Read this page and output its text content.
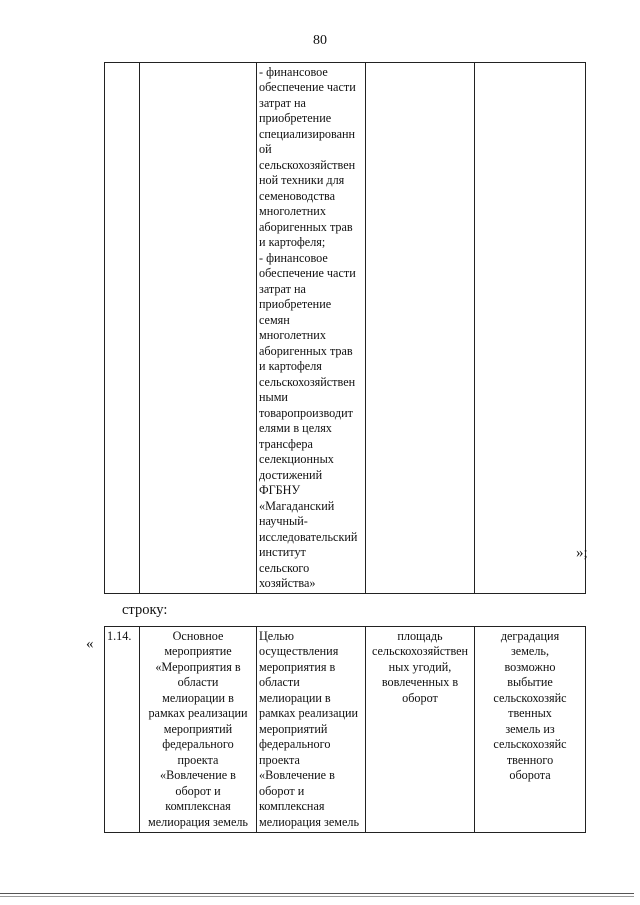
80
		- финансовое
обеспечение части
затрат на
приобретение
специализированн
ой
сельскохозяйствен
ной техники для
семеноводства
многолетних
аборигенных трав
и картофеля;
- финансовое
обеспечение части
затрат на
приобретение
семян
многолетних
аборигенных трав
и картофеля
сельскохозяйствен
ными
товаропроизводит
елями в целях
трансфера
селекционных
достижений
ФГБНУ
«Магаданский
научный-
исследовательский
институт
сельского
хозяйства»		
»;
строку:
« 1.14.	Основное
мероприятие
«Мероприятия в
области
мелиорации в
рамках реализации
мероприятий
федерального
проекта
«Вовлечение в
оборот и
комплексная
мелиорация земель	Целью
осуществления
мероприятия в
области
мелиорации в
рамках реализации
мероприятий
федерального
проекта
«Вовлечение в
оборот и
комплексная
мелиорация земель	площадь
сельскохозяйствен
ных угодий,
вовлеченных в
оборот	деградация
земель,
возможно
выбытие
сельскохозяйс
твенных
земель из
сельскохозяйс
твенного
оборота
